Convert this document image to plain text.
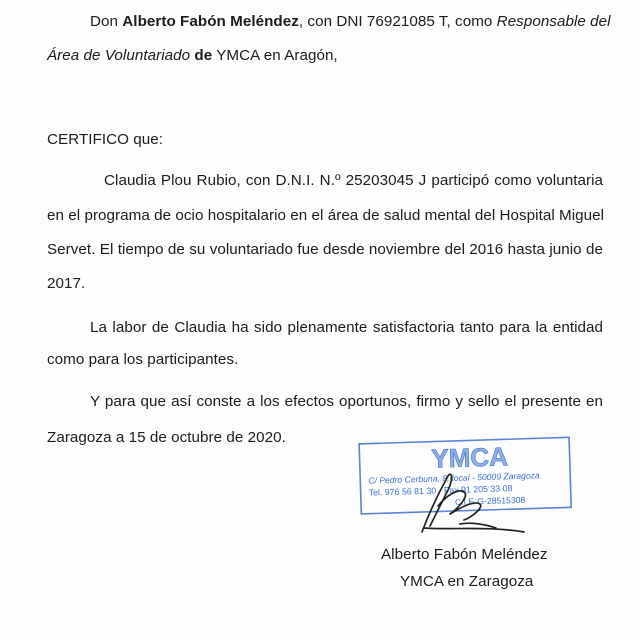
Don Alberto Fabón Meléndez, con DNI 76921085 T, como Responsable del
Área de Voluntariado de YMCA en Aragón,
CERTIFICO que:
Claudia Plou Rubio, con D.N.I. N.º 25203045 J participó como voluntaria
en el programa de ocio hospitalario en el área de salud mental del Hospital Miguel
Servet. El tiempo de su voluntariado fue desde noviembre del 2016 hasta junio de
2017.
La labor de Claudia ha sido plenamente satisfactoria tanto para la entidad
como para los participantes.
Y para que así conste a los efectos oportunos, firmo y sello el presente en
Zaragoza a 15 de octubre de 2020.
YMCA
C/ Pedro Cerbuna, 8, local - 50009 Zaragoza
Tel. 976 56 81 30 - Fax 91 205 33 08
C.I.F. G-28515308
Alberto Fabón Meléndez
YMCA en Zaragoza
